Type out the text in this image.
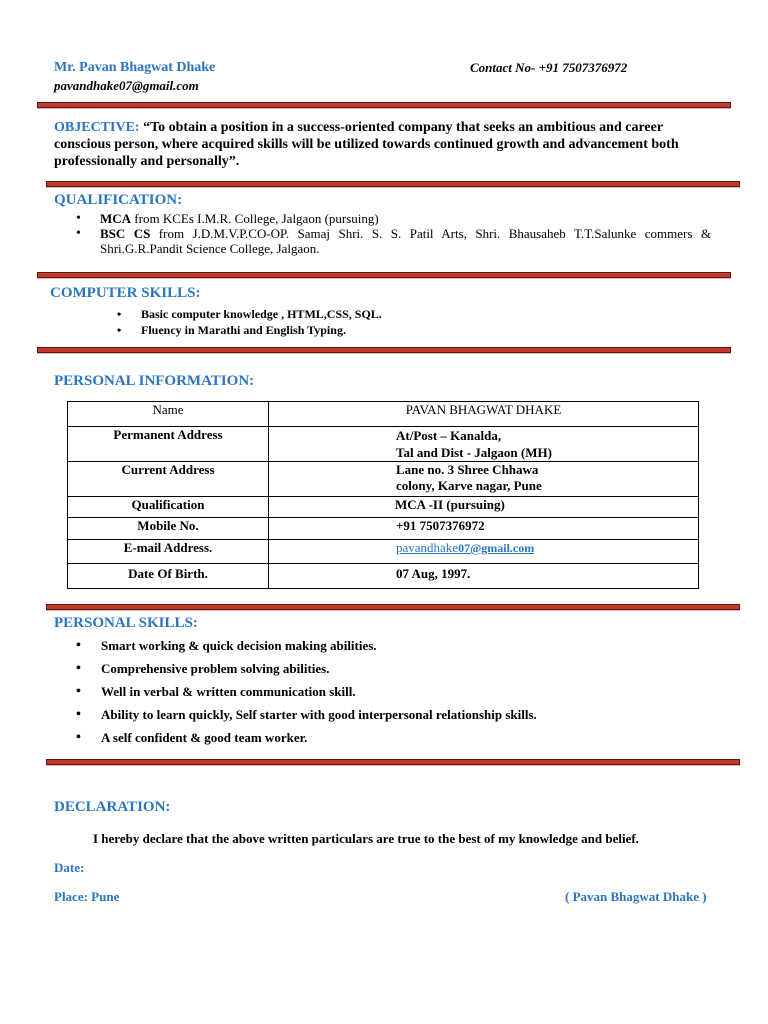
Mr. Pavan Bhagwat Dhake	Contact No- +91 7507376972
pavandhake07@gmail.com
OBJECTIVE: “To obtain a position in a success-oriented company that seeks an ambitious and career conscious person, where acquired skills will be utilized towards continued growth and advancement both professionally and personally”.
QUALIFICATION:
• MCA from KCEs I.M.R. College, Jalgaon (pursuing)
• BSC CS from J.D.M.V.P.CO-OP. Samaj Shri. S. S. Patil Arts, Shri. Bhausaheb T.T.Salunke commers & Shri.G.R.Pandit Science College, Jalgaon.
COMPUTER SKILLS:
• Basic computer knowledge , HTML,CSS, SQL.
• Fluency in Marathi and English Typing.
PERSONAL INFORMATION:
Name	PAVAN BHAGWAT DHAKE
Permanent Address	At/Post – Kanalda,
Tal and Dist - Jalgaon (MH)

Current Address	Lane no. 3 Shree Chhawa
colony, Karve nagar, Pune

Qualification	MCA -II (pursuing)
Mobile No.	+91 7507376972
E-mail Address.	pavandhake07@gmail.com
Date Of Birth.	07 Aug, 1997.
PERSONAL SKILLS:
• Smart working & quick decision making abilities.
• Comprehensive problem solving abilities.
• Well in verbal & written communication skill.
• Ability to learn quickly, Self starter with good interpersonal relationship skills.
• A self confident & good team worker.
DECLARATION:
I hereby declare that the above written particulars are true to the best of my knowledge and belief.
Date:
Place: Pune	( Pavan Bhagwat Dhake )
